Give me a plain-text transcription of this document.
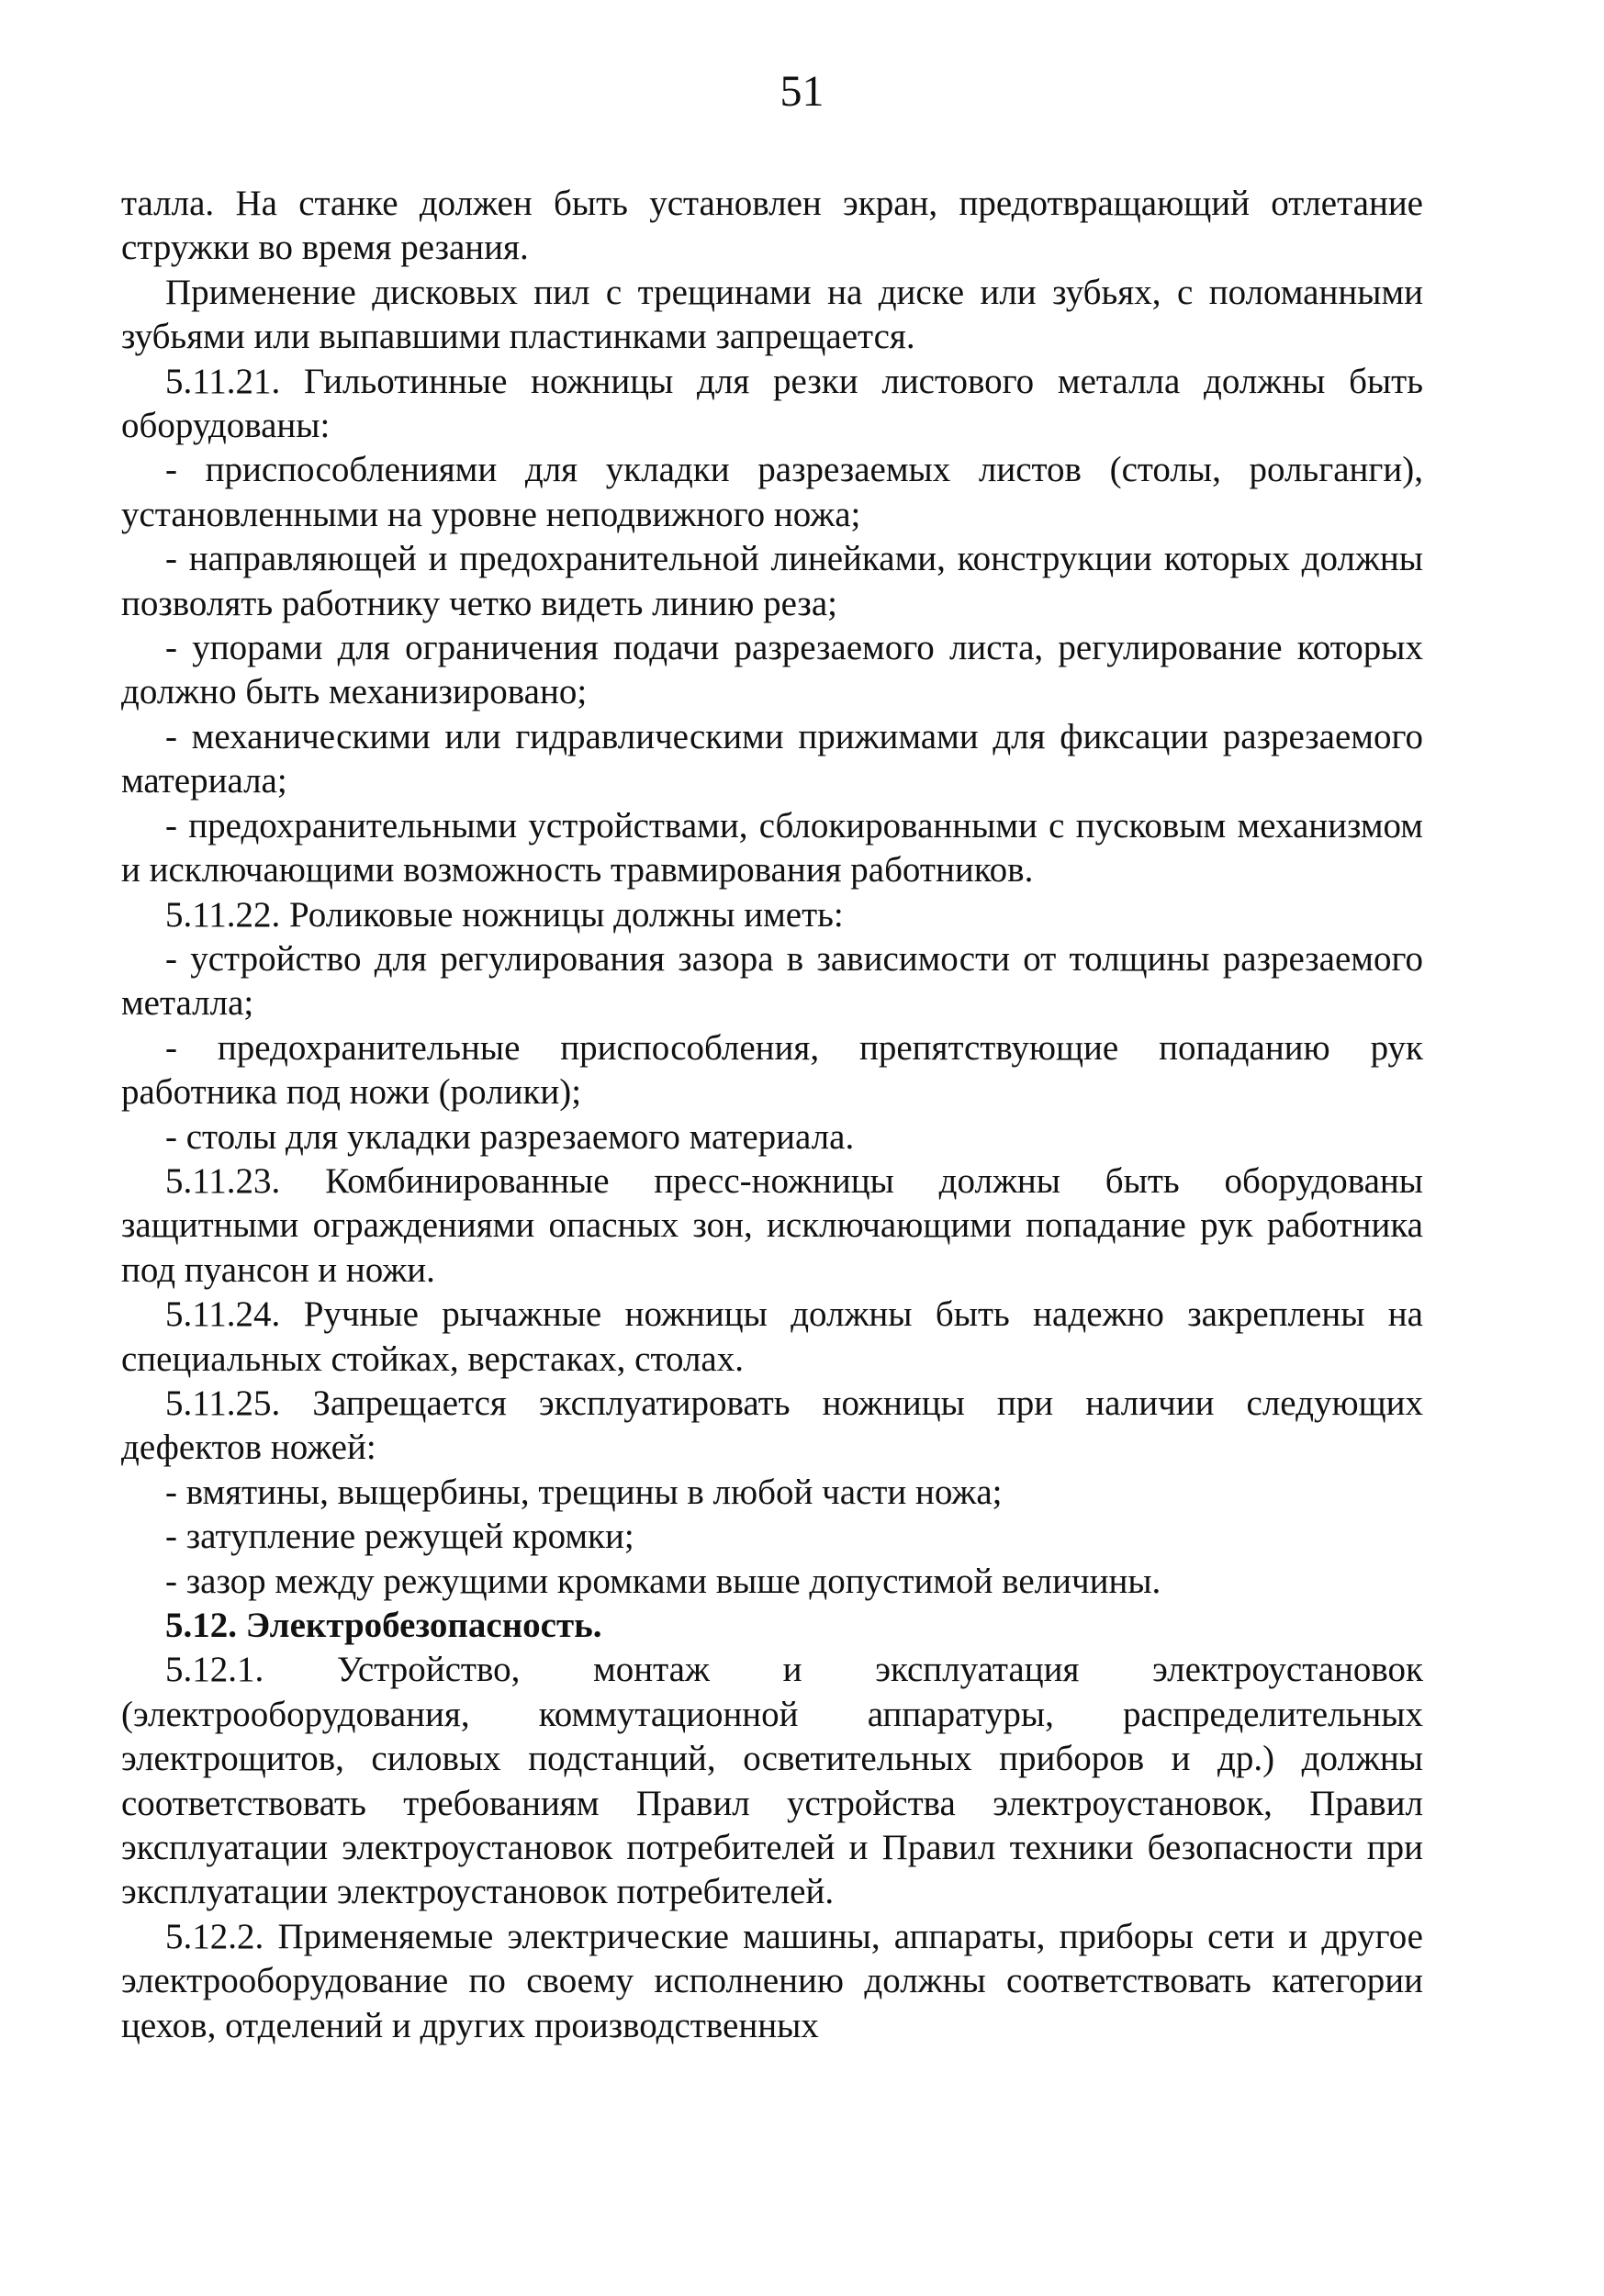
51

талла. На станке должен быть установлен экран, предотвращающий отлетание стружки во время резания.

Применение дисковых пил с трещинами на диске или зубьях, с поломанными зубьями или выпавшими пластинками запрещается.

5.11.21. Гильотинные ножницы для резки листового металла должны быть оборудованы:

- приспособлениями для укладки разрезаемых листов (столы, рольганги), установленными на уровне неподвижного ножа;

- направляющей и предохранительной линейками, конструкции которых должны позволять работнику четко видеть линию реза;

- упорами для ограничения подачи разрезаемого листа, регулирование которых должно быть механизировано;

- механическими или гидравлическими прижимами для фиксации разрезаемого материала;

- предохранительными устройствами, сблокированными с пусковым механизмом и исключающими возможность травмирования работников.

5.11.22. Роликовые ножницы должны иметь:

- устройство для регулирования зазора в зависимости от толщины разрезаемого металла;

- предохранительные приспособления, препятствующие попаданию рук работника под ножи (ролики);

- столы для укладки разрезаемого материала.

5.11.23. Комбинированные пресс-ножницы должны быть оборудованы защитными ограждениями опасных зон, исключающими попадание рук работника под пуансон и ножи.

5.11.24. Ручные рычажные ножницы должны быть надежно закреплены на специальных стойках, верстаках, столах.

5.11.25. Запрещается эксплуатировать ножницы при наличии следующих дефектов ножей:

- вмятины, выщербины, трещины в любой части ножа;

- затупление режущей кромки;

- зазор между режущими кромками выше допустимой величины.

5.12. Электробезопасность.

5.12.1. Устройство, монтаж и эксплуатация электроустановок (электрооборудования, коммутационной аппаратуры, распределительных электрощитов, силовых подстанций, осветительных приборов и др.) должны соответствовать требованиям Правил устройства электроустановок, Правил эксплуатации электроустановок потребителей и Правил техники безопасности при эксплуатации электроустановок потребителей.

5.12.2. Применяемые электрические машины, аппараты, приборы сети и другое электрооборудование по своему исполнению должны соответствовать категории цехов, отделений и других производственных
